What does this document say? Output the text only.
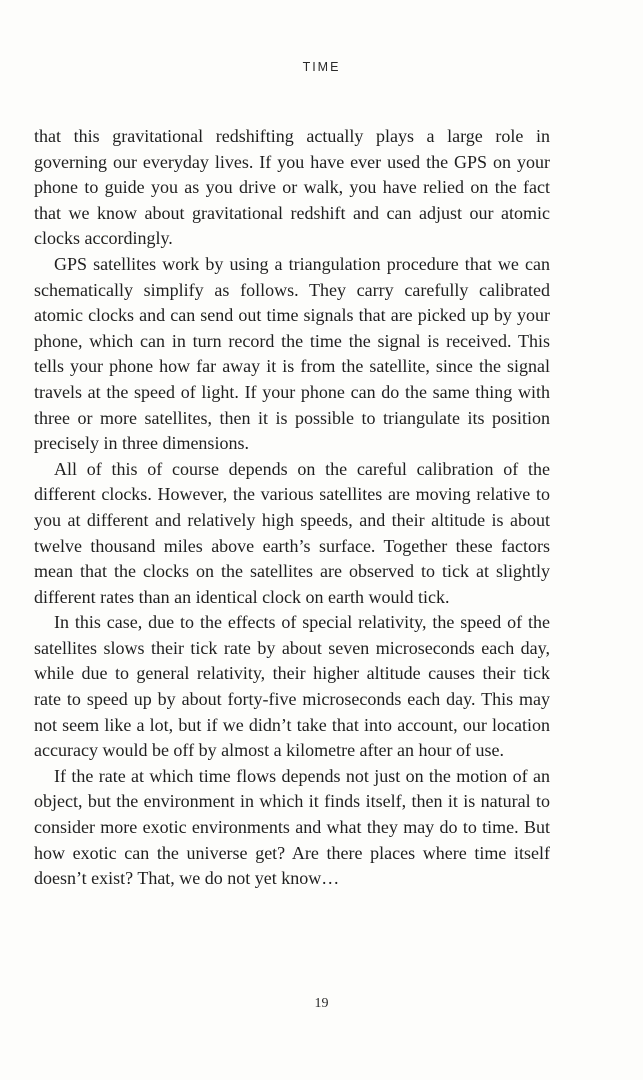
TIME

that this gravitational redshifting actually plays a large role in governing our everyday lives. If you have ever used the GPS on your phone to guide you as you drive or walk, you have relied on the fact that we know about gravitational redshift and can adjust our atomic clocks accordingly.

GPS satellites work by using a triangulation procedure that we can schematically simplify as follows. They carry carefully calibrated atomic clocks and can send out time signals that are picked up by your phone, which can in turn record the time the signal is received. This tells your phone how far away it is from the satellite, since the signal travels at the speed of light. If your phone can do the same thing with three or more satellites, then it is possible to triangulate its position precisely in three dimensions.

All of this of course depends on the careful calibration of the different clocks. However, the various satellites are moving relative to you at different and relatively high speeds, and their altitude is about twelve thousand miles above earth’s surface. Together these factors mean that the clocks on the satellites are observed to tick at slightly different rates than an identical clock on earth would tick.

In this case, due to the effects of special relativity, the speed of the satellites slows their tick rate by about seven microseconds each day, while due to general relativity, their higher altitude causes their tick rate to speed up by about forty-five microseconds each day. This may not seem like a lot, but if we didn’t take that into account, our location accuracy would be off by almost a kilometre after an hour of use.

If the rate at which time flows depends not just on the motion of an object, but the environment in which it finds itself, then it is natural to consider more exotic environments and what they may do to time. But how exotic can the universe get? Are there places where time itself doesn’t exist? That, we do not yet know…

19
